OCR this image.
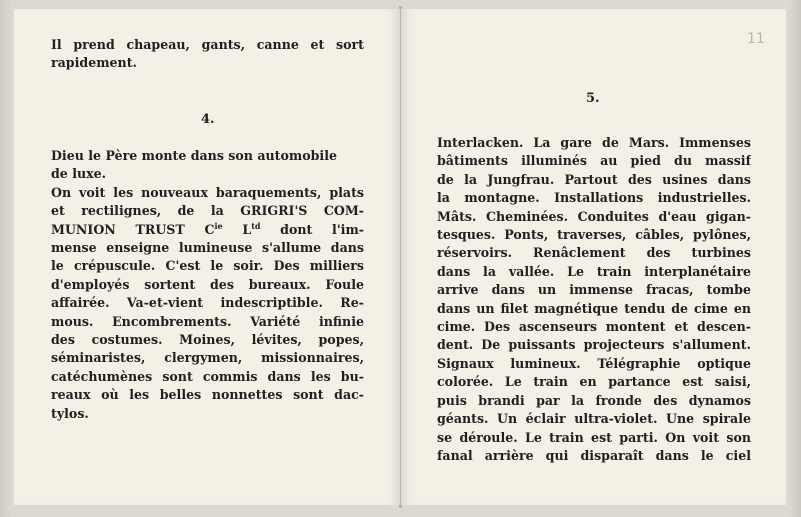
Il prend chapeau, gants, canne et sort
rapidement.
4.
Dieu le Père monte dans son automobile
de luxe.
On voit les nouveaux baraquements, plats
et rectilignes, de la GRIGRI'S COM-
MUNION TRUST $C^{ie}$ $L^{td}$ dont l'im-
mense enseigne lumineuse s'allume dans
le crépuscule. C'est le soir. Des milliers
d'employés sortent des bureaux. Foule
affairée. Va-et-vient indescriptible. Re-
mous. Encombrements. Variété infinie
des costumes. Moines, lévites, popes,
séminaristes, clergymen, missionnaires,
catéchumènes sont commis dans les bu-
reaux où les belles nonnettes sont dac-
tylos.
11
5.
Interlacken. La gare de Mars. Immenses
bâtiments illuminés au pied du massif
de la Jungfrau. Partout des usines dans
la montagne. Installations industrielles.
Mâts. Cheminées. Conduites d'eau gigan-
tesques. Ponts, traverses, câbles, pylônes,
réservoirs. Renâclement des turbines
dans la vallée. Le train interplanétaire
arrive dans un immense fracas, tombe
dans un filet magnétique tendu de cime en
cime. Des ascenseurs montent et descen-
dent. De puissants projecteurs s'allument.
Signaux lumineux. Télégraphie optique
colorée. Le train en partance est saisi,
puis brandi par la fronde des dynamos
géants. Un éclair ultra-violet. Une spirale
se déroule. Le train est parti. On voit son
fanal arrière qui disparaît dans le ciel
